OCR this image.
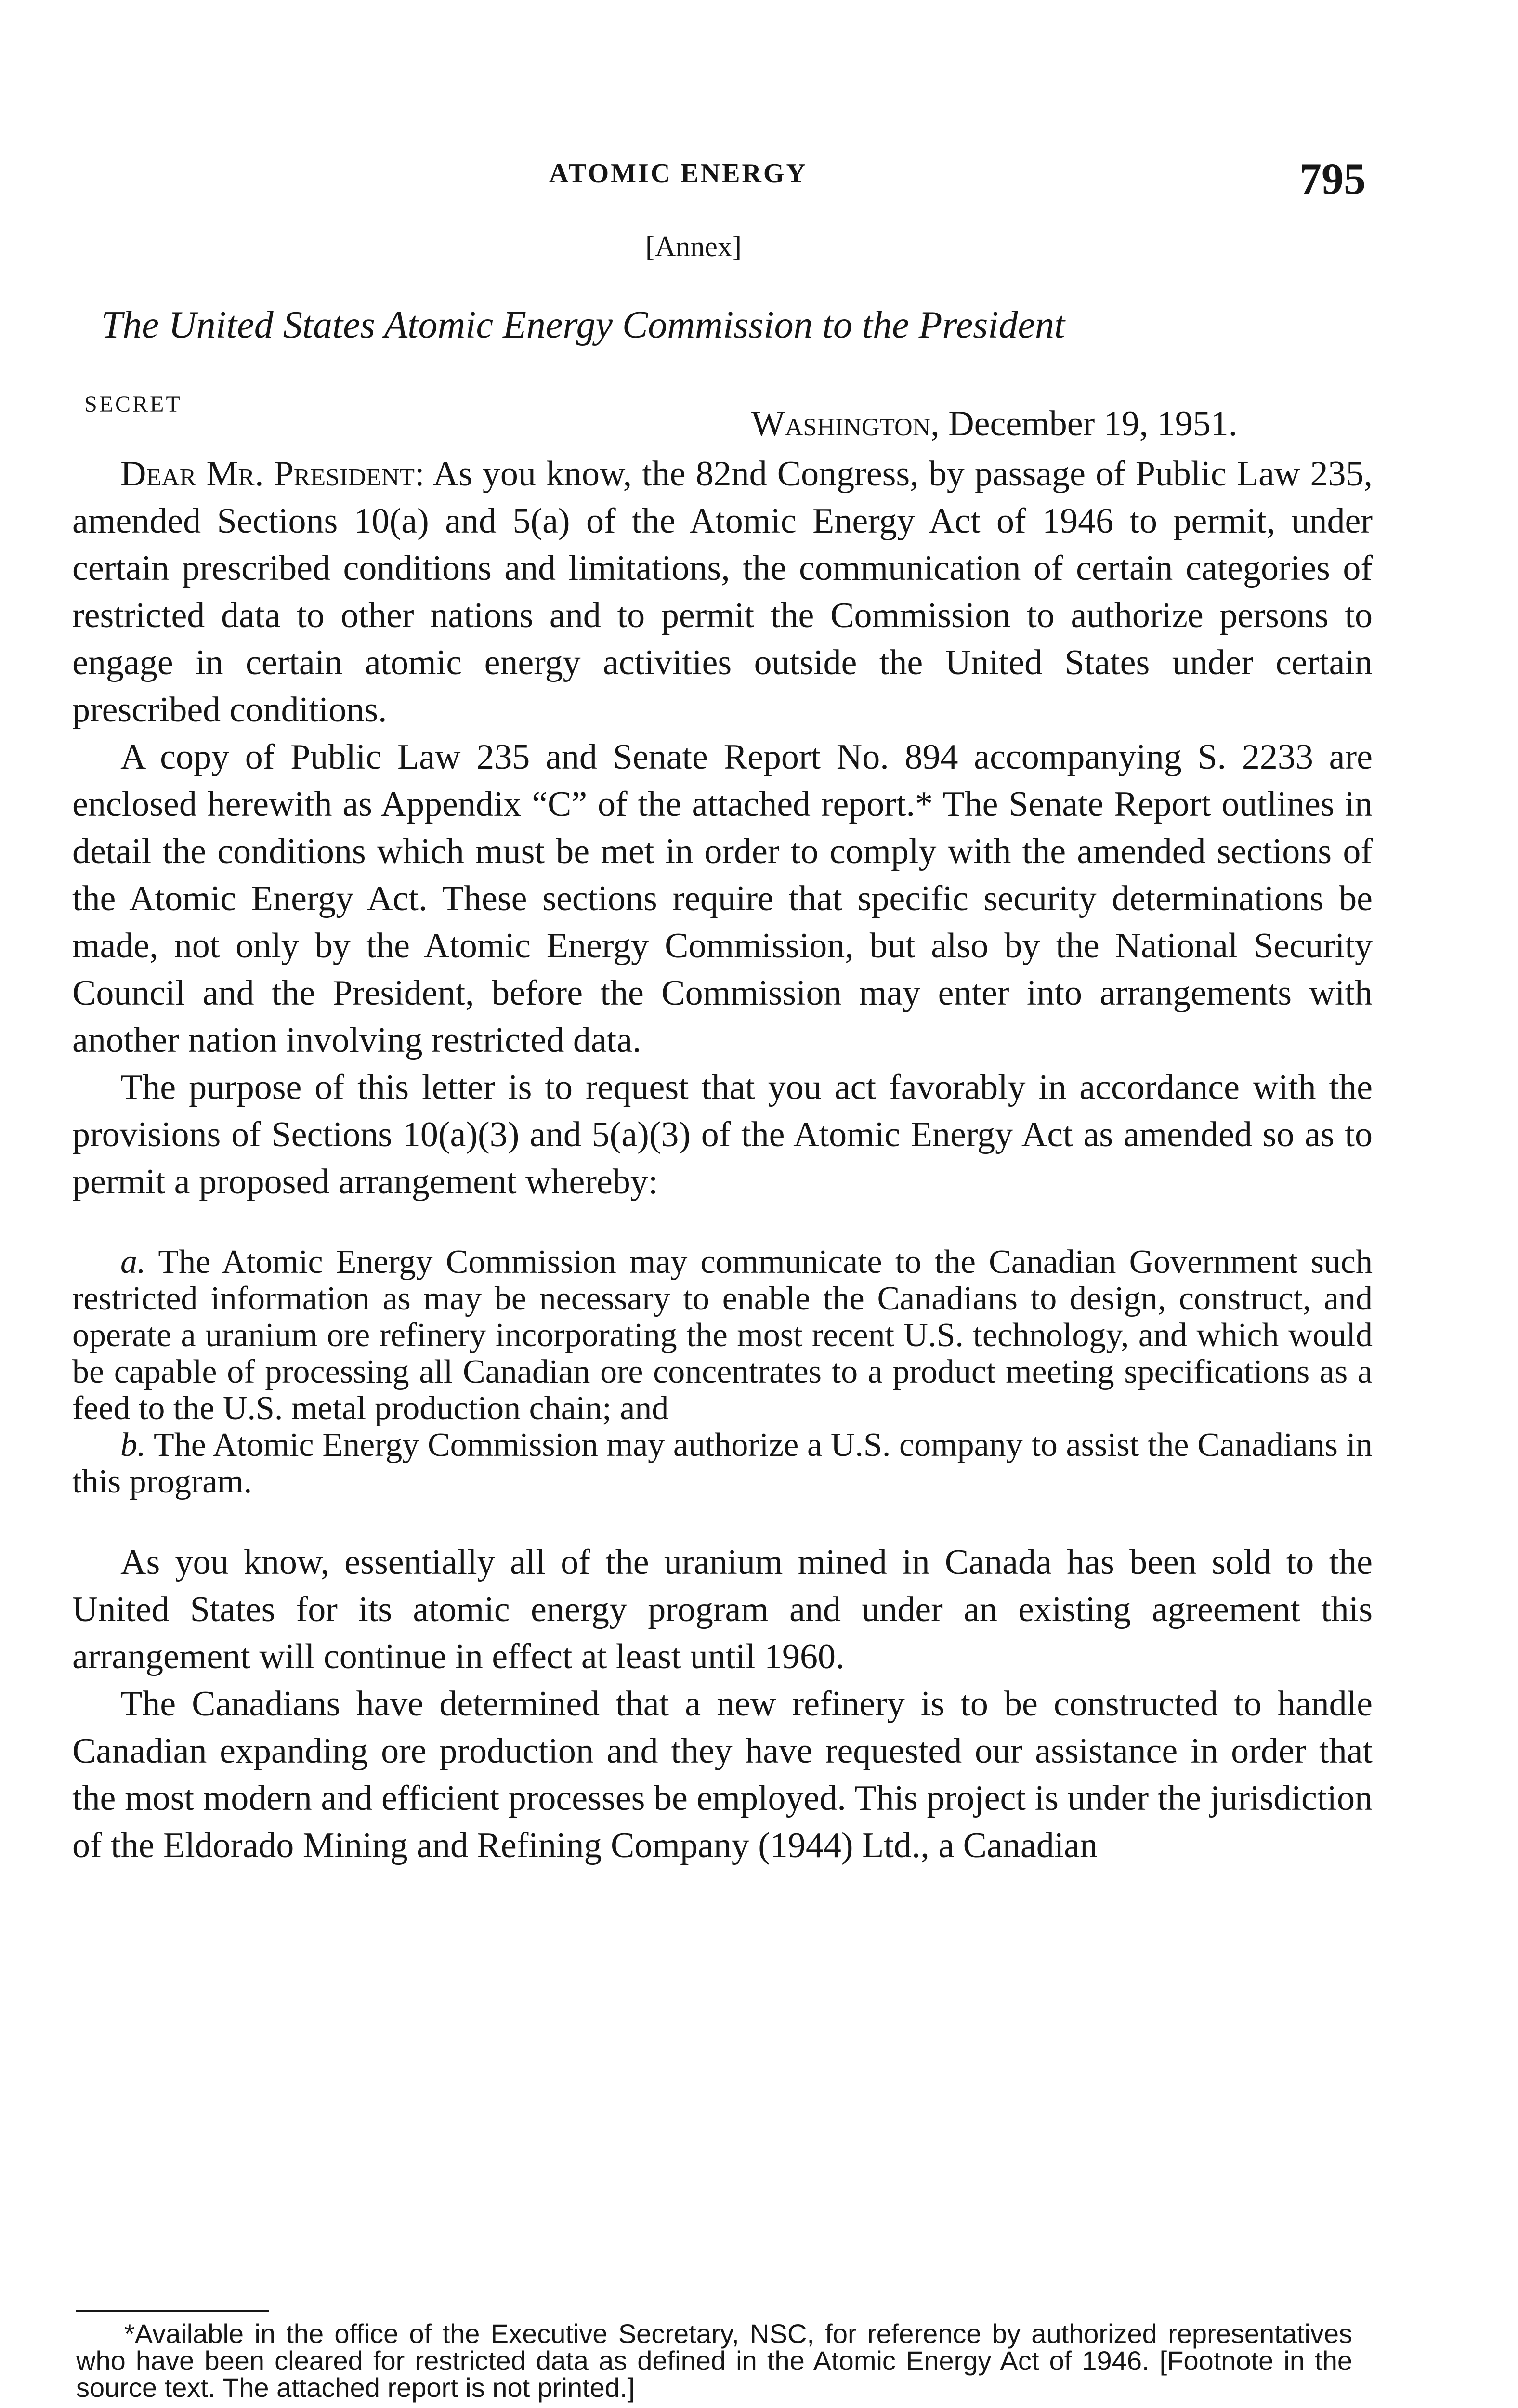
ATOMIC ENERGY	795
[Annex]
The United States Atomic Energy Commission to the President
SECRET	Washington, December 19, 1951.

Dear Mr. President: As you know, the 82nd Congress, by passage of Public Law 235, amended Sections 10(a) and 5(a) of the Atomic Energy Act of 1946 to permit, under certain prescribed conditions and limitations, the communication of certain categories of restricted data to other nations and to permit the Commission to authorize persons to engage in certain atomic energy activities outside the United States under certain prescribed conditions.

A copy of Public Law 235 and Senate Report No. 894 accompanying S. 2233 are enclosed herewith as Appendix “C” of the attached report.* The Senate Report outlines in detail the conditions which must be met in order to comply with the amended sections of the Atomic Energy Act. These sections require that specific security determinations be made, not only by the Atomic Energy Commission, but also by the National Security Council and the President, before the Commission may enter into arrangements with another nation involving restricted data.

The purpose of this letter is to request that you act favorably in accordance with the provisions of Sections 10(a)(3) and 5(a)(3) of the Atomic Energy Act as amended so as to permit a proposed arrangement whereby:

a. The Atomic Energy Commission may communicate to the Canadian Government such restricted information as may be necessary to enable the Canadians to design, construct, and operate a uranium ore refinery incorporating the most recent U.S. technology, and which would be capable of processing all Canadian ore concentrates to a product meeting specifications as a feed to the U.S. metal production chain; and

b. The Atomic Energy Commission may authorize a U.S. company to assist the Canadians in this program.

As you know, essentially all of the uranium mined in Canada has been sold to the United States for its atomic energy program and under an existing agreement this arrangement will continue in effect at least until 1960.

The Canadians have determined that a new refinery is to be constructed to handle Canadian expanding ore production and they have requested our assistance in order that the most modern and efficient processes be employed. This project is under the jurisdiction of the Eldorado Mining and Refining Company (1944) Ltd., a Canadian

*Available in the office of the Executive Secretary, NSC, for reference by authorized representatives who have been cleared for restricted data as defined in the Atomic Energy Act of 1946. [Footnote in the source text. The attached report is not printed.]
